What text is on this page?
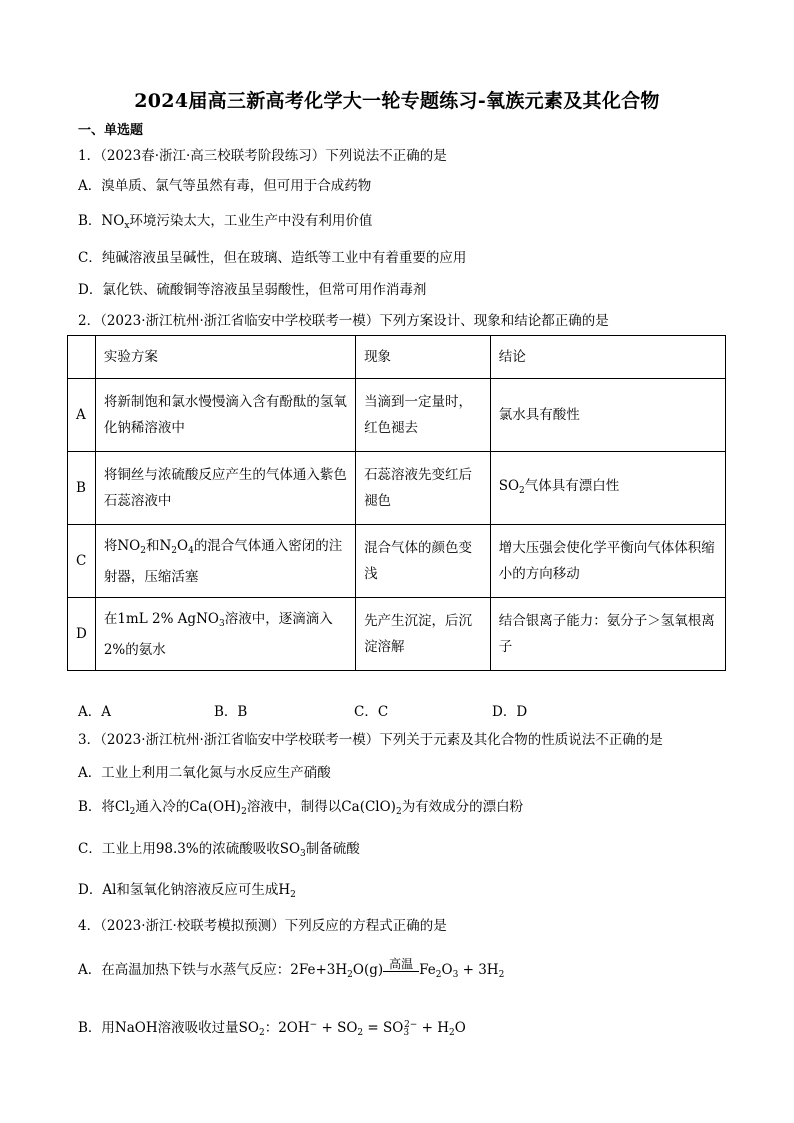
2024届高三新高考化学大一轮专题练习-氧族元素及其化合物
一、单选题
1．（2023春·浙江·高三校联考阶段练习）下列说法不正确的是
A．溴单质、氯气等虽然有毒，但可用于合成药物
B．$NO_x$环境污染太大，工业生产中没有利用价值
C．纯碱溶液虽呈碱性，但在玻璃、造纸等工业中有着重要的应用
D．氯化铁、硫酸铜等溶液虽呈弱酸性，但常可用作消毒剂
2．（2023·浙江杭州·浙江省临安中学校联考一模）下列方案设计、现象和结论都正确的是
	实验方案	现象	结论
A	将新制饱和氯水慢慢滴入含有酚酞的氢氧化钠稀溶液中	当滴到一定量时，红色褪去	氯水具有酸性
B	将铜丝与浓硫酸反应产生的气体通入紫色石蕊溶液中	石蕊溶液先变红后褪色	$SO_2$气体具有漂白性
C	将$NO_2$和$N_2O_4$的混合气体通入密闭的注射器，压缩活塞	混合气体的颜色变浅	增大压强会使化学平衡向气体体积缩小的方向移动
D	在1mL 2% AgNO$_3$溶液中，逐滴滴入2%的氨水	先产生沉淀，后沉淀溶解	结合银离子能力：氨分子＞氢氧根离子
A．A	B．B	C．C	D．D
3．（2023·浙江杭州·浙江省临安中学校联考一模）下列关于元素及其化合物的性质说法不正确的是
A．工业上利用二氧化氮与水反应生产硝酸
B．将$Cl_2$通入冷的$Ca(OH)_2$溶液中，制得以$Ca(ClO)_2$为有效成分的漂白粉
C．工业上用98.3%的浓硫酸吸收$SO_3$制备硫酸
D．Al和氢氧化钠溶液反应可生成$H_2$
4．（2023·浙江·校联考模拟预测）下列反应的方程式正确的是
A．在高温加热下铁与水蒸气反应：$2Fe+3H_2O(g)$ 高温 $Fe_2O_3 + 3H_2$
B．用NaOH溶液吸收过量$SO_2$：$2OH^- + SO_2 = SO_3^{2-} + H_2O$
